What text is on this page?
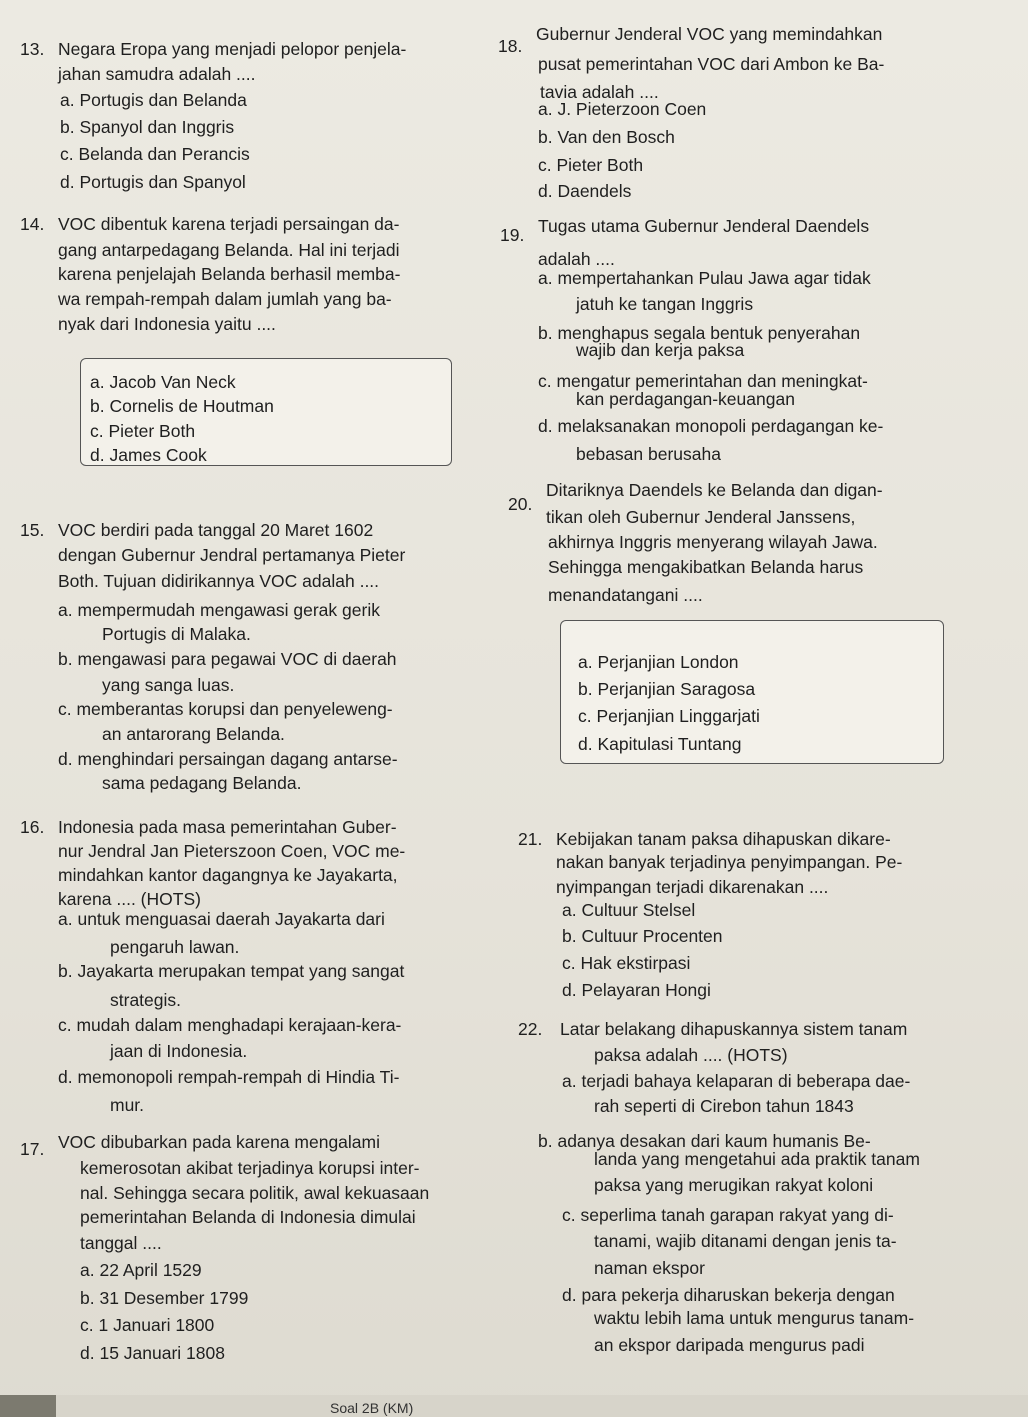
13. Negara Eropa yang menjadi pelopor penjela-
jahan samudra adalah ....
a. Portugis dan Belanda
b. Spanyol dan Inggris
c. Belanda dan Perancis
d. Portugis dan Spanyol
14. VOC dibentuk karena terjadi persaingan da-
gang antarpedagang Belanda. Hal ini terjadi
karena penjelajah Belanda berhasil memba-
wa rempah-rempah dalam jumlah yang ba-
nyak dari Indonesia yaitu ....
a. Jacob Van Neck
b. Cornelis de Houtman
c. Pieter Both
d. James Cook
15. VOC berdiri pada tanggal 20 Maret 1602
dengan Gubernur Jendral pertamanya Pieter
Both. Tujuan didirikannya VOC adalah ....
a. mempermudah mengawasi gerak gerik
Portugis di Malaka.
b. mengawasi para pegawai VOC di daerah
yang sanga luas.
c. memberantas korupsi dan penyeleweng-
an antarorang Belanda.
d. menghindari persaingan dagang antarse-
sama pedagang Belanda.
16. Indonesia pada masa pemerintahan Guber-
nur Jendral Jan Pieterszoon Coen, VOC me-
mindahkan kantor dagangnya ke Jayakarta,
karena .... (HOTS)
a. untuk menguasai daerah Jayakarta dari
pengaruh lawan.
b. Jayakarta merupakan tempat yang sangat
strategis.
c. mudah dalam menghadapi kerajaan-kera-
jaan di Indonesia.
d. memonopoli rempah-rempah di Hindia Ti-
mur.
17. VOC dibubarkan pada karena mengalami
kemerosotan akibat terjadinya korupsi inter-
nal. Sehingga secara politik, awal kekuasaan
pemerintahan Belanda di Indonesia dimulai
tanggal ....
a. 22 April 1529
b. 31 Desember 1799
c. 1 Januari 1800
d. 15 Januari 1808
18.
Gubernur Jenderal VOC yang memindahkan
pusat pemerintahan VOC dari Ambon ke Ba-
tavia adalah ....
a. J. Pieterzoon Coen
b. Van den Bosch
c. Pieter Both
d. Daendels
19. Tugas utama Gubernur Jenderal Daendels
adalah ....
a. mempertahankan Pulau Jawa agar tidak
jatuh ke tangan Inggris
b. menghapus segala bentuk penyerahan
wajib dan kerja paksa
c. mengatur pemerintahan dan meningkat-
kan perdagangan-keuangan
d. melaksanakan monopoli perdagangan ke-
bebasan berusaha
20.
Ditariknya Daendels ke Belanda dan digan-
tikan oleh Gubernur Jenderal Janssens,
akhirnya Inggris menyerang wilayah Jawa.
Sehingga mengakibatkan Belanda harus
menandatangani ....
a. Perjanjian London
b. Perjanjian Saragosa
c. Perjanjian Linggarjati
d. Kapitulasi Tuntang
21. Kebijakan tanam paksa dihapuskan dikare-
nakan banyak terjadinya penyimpangan. Pe-
nyimpangan terjadi dikarenakan ....
a. Cultuur Stelsel
b. Cultuur Procenten
c. Hak ekstirpasi
d. Pelayaran Hongi
22. Latar belakang dihapuskannya sistem tanam
paksa adalah .... (HOTS)
a. terjadi bahaya kelaparan di beberapa dae-
rah seperti di Cirebon tahun 1843
b. adanya desakan dari kaum humanis Be-
landa yang mengetahui ada praktik tanam
paksa yang merugikan rakyat koloni
c. seperlima tanah garapan rakyat yang di-
tanami, wajib ditanami dengan jenis ta-
naman ekspor
d. para pekerja diharuskan bekerja dengan
waktu lebih lama untuk mengurus tanam-
an ekspor daripada mengurus padi
Soal 2B (KM)
